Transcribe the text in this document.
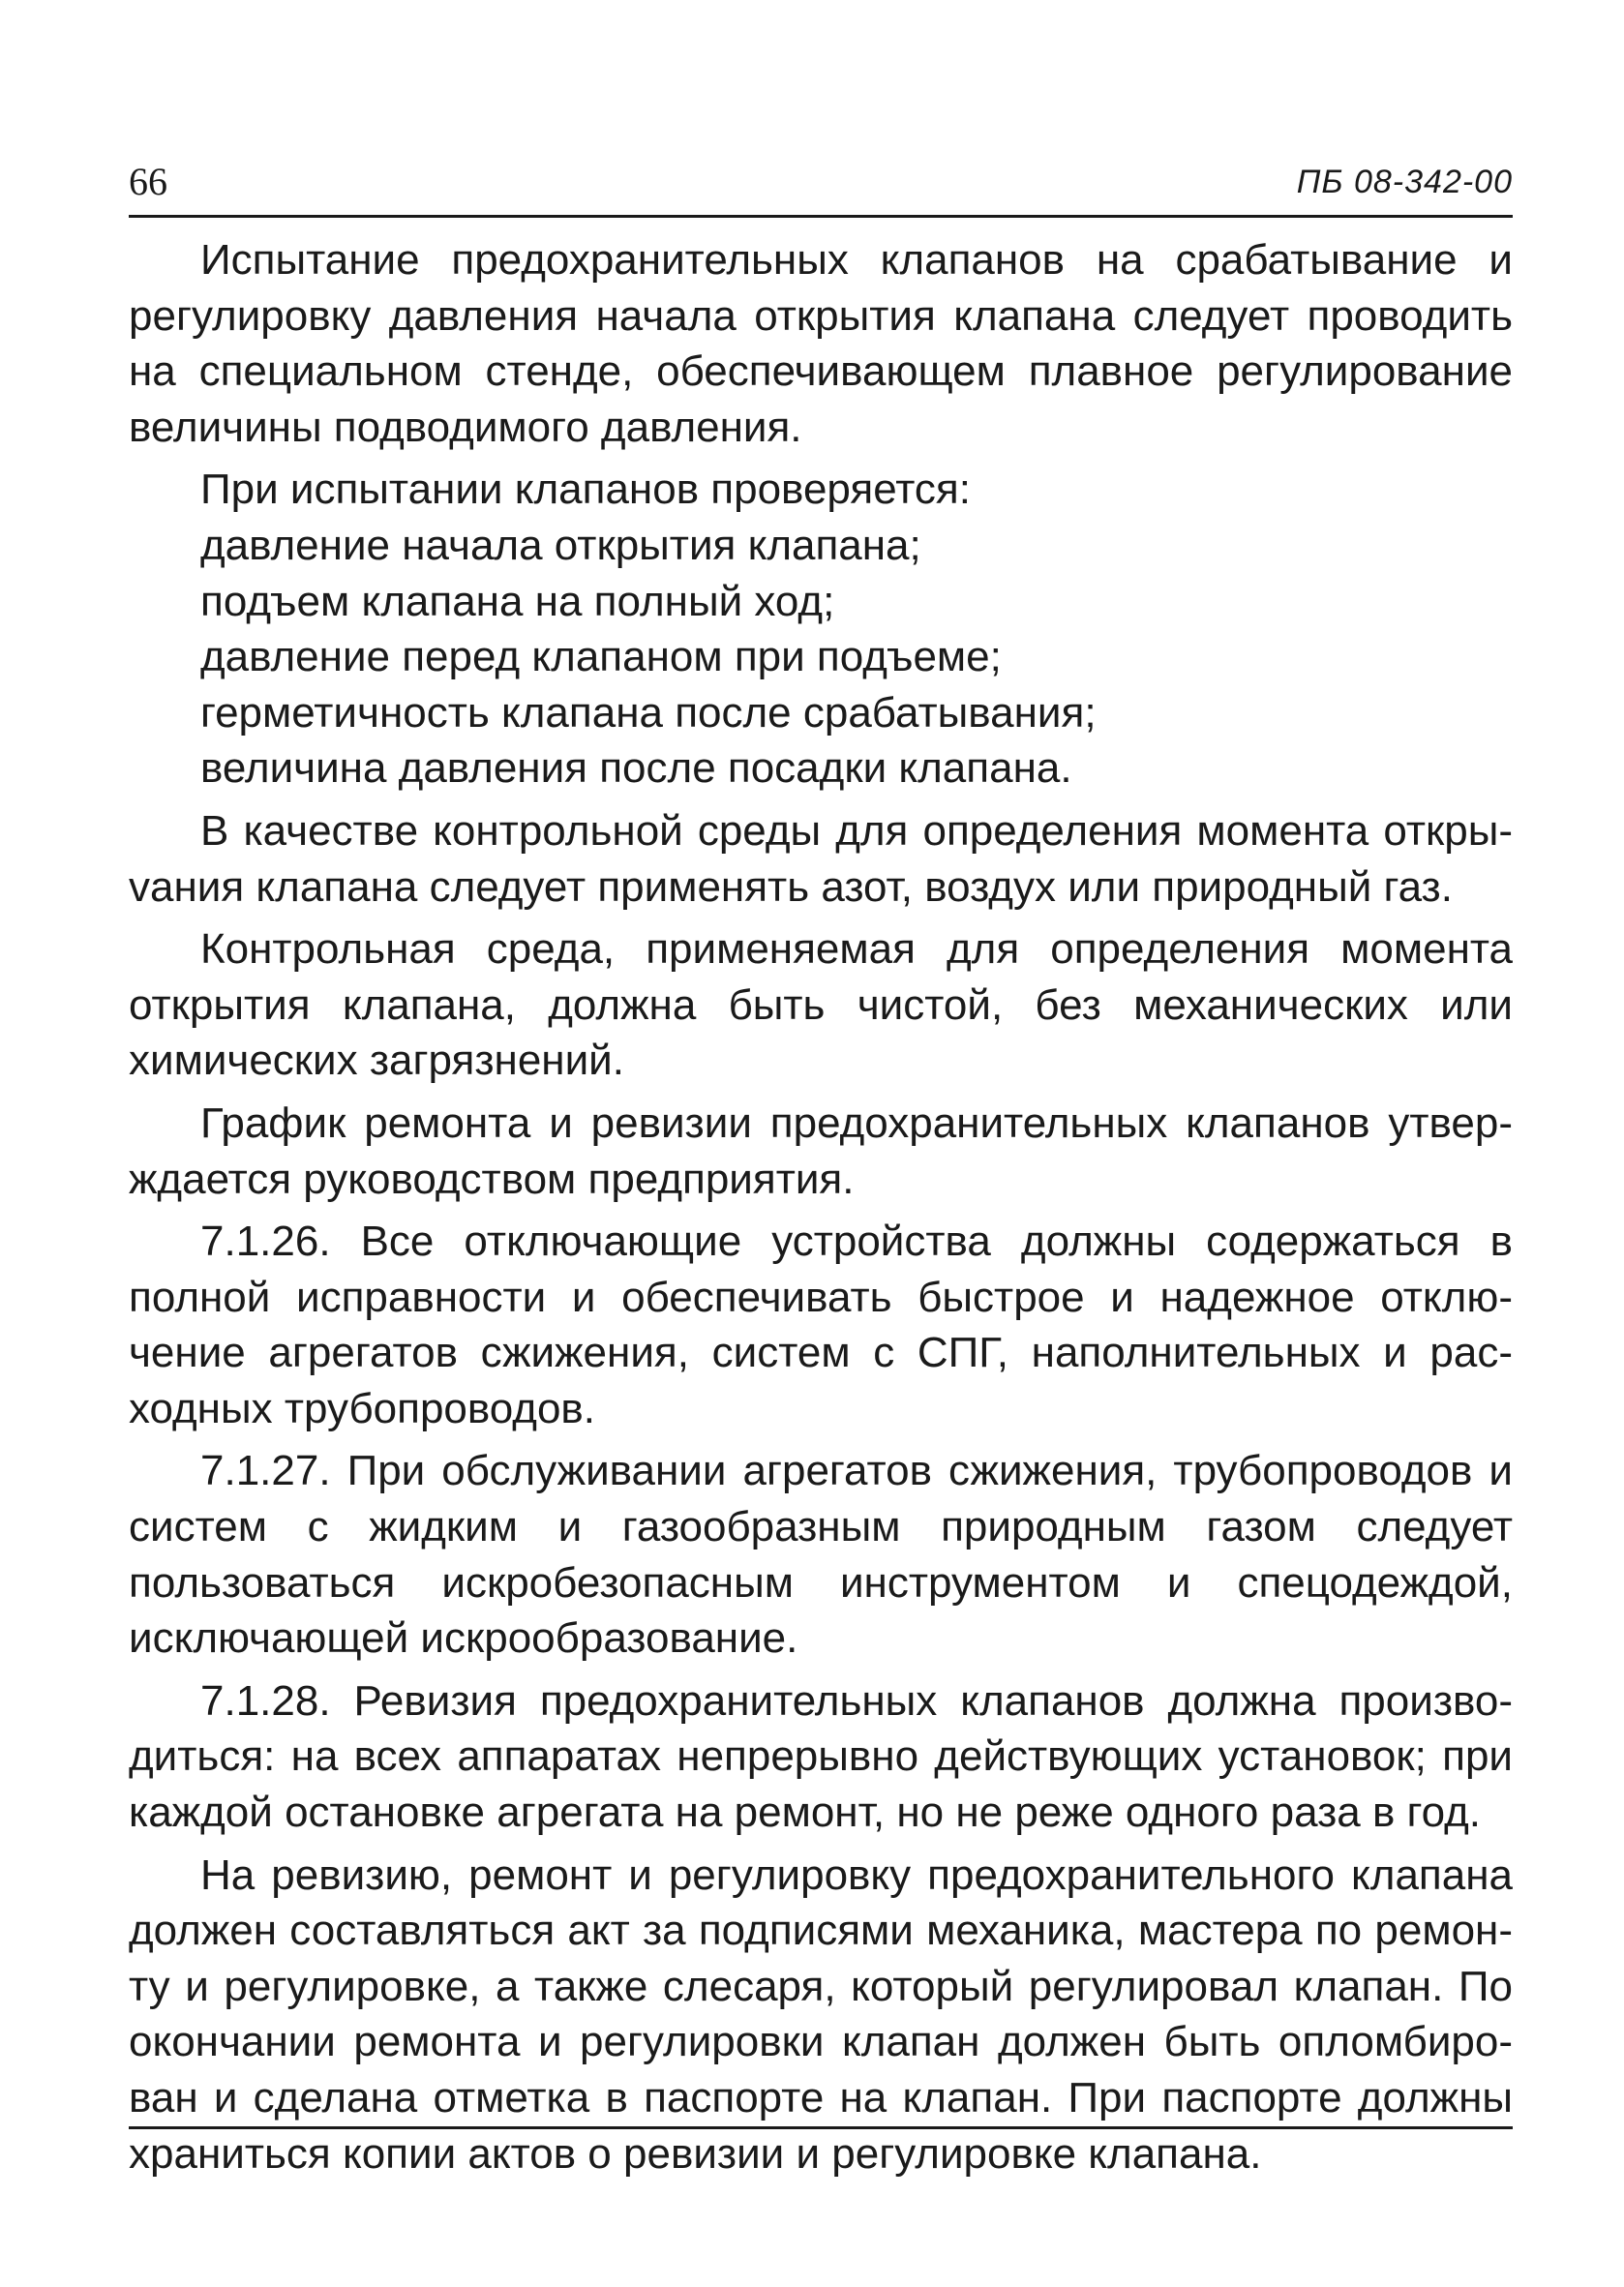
66	ПБ 08-342-00

Испытание предохранительных клапанов на срабатывание и регулировку давления начала открытия клапана следует проводить на специальном стенде, обеспечивающем плавное регулирование величины подводимого давления.

При испытании клапанов проверяется:

давление начала открытия клапана;
подъем клапана на полный ход;
давление перед клапаном при подъеме;
герметичность клапана после срабатывания;
величина давления после посадки клапана.

В качестве контрольной среды для определения момента открыvания клапана следует применять азот, воздух или природный газ.

Контрольная среда, применяемая для определения момента открытия клапана, должна быть чистой, без механических или химических загрязнений.

График ремонта и ревизии предохранительных клапанов утверждается руководством предприятия.

7.1.26. Все отключающие устройства должны содержаться в полной исправности и обеспечивать быстрое и надежное отключение агрегатов сжижения, систем с СПГ, наполнительных и расходных трубопроводов.

7.1.27. При обслуживании агрегатов сжижения, трубопроводов и систем с жидким и газообразным природным газом следует пользоваться искробезопасным инструментом и спецодеждой, исключающей искрообразование.

7.1.28. Ревизия предохранительных клапанов должна производиться: на всех аппаратах непрерывно действующих установок; при каждой остановке агрегата на ремонт, но не реже одного раза в год.

На ревизию, ремонт и регулировку предохранительного клапана должен составляться акт за подписями механика, мастера по ремонту и регулировке, а также слесаря, который регулировал клапан. По окончании ремонта и регулировки клапан должен быть опломбирован и сделана отметка в паспорте на клапан. При паспорте должны храниться копии актов о ревизии и регулировке клапана.
